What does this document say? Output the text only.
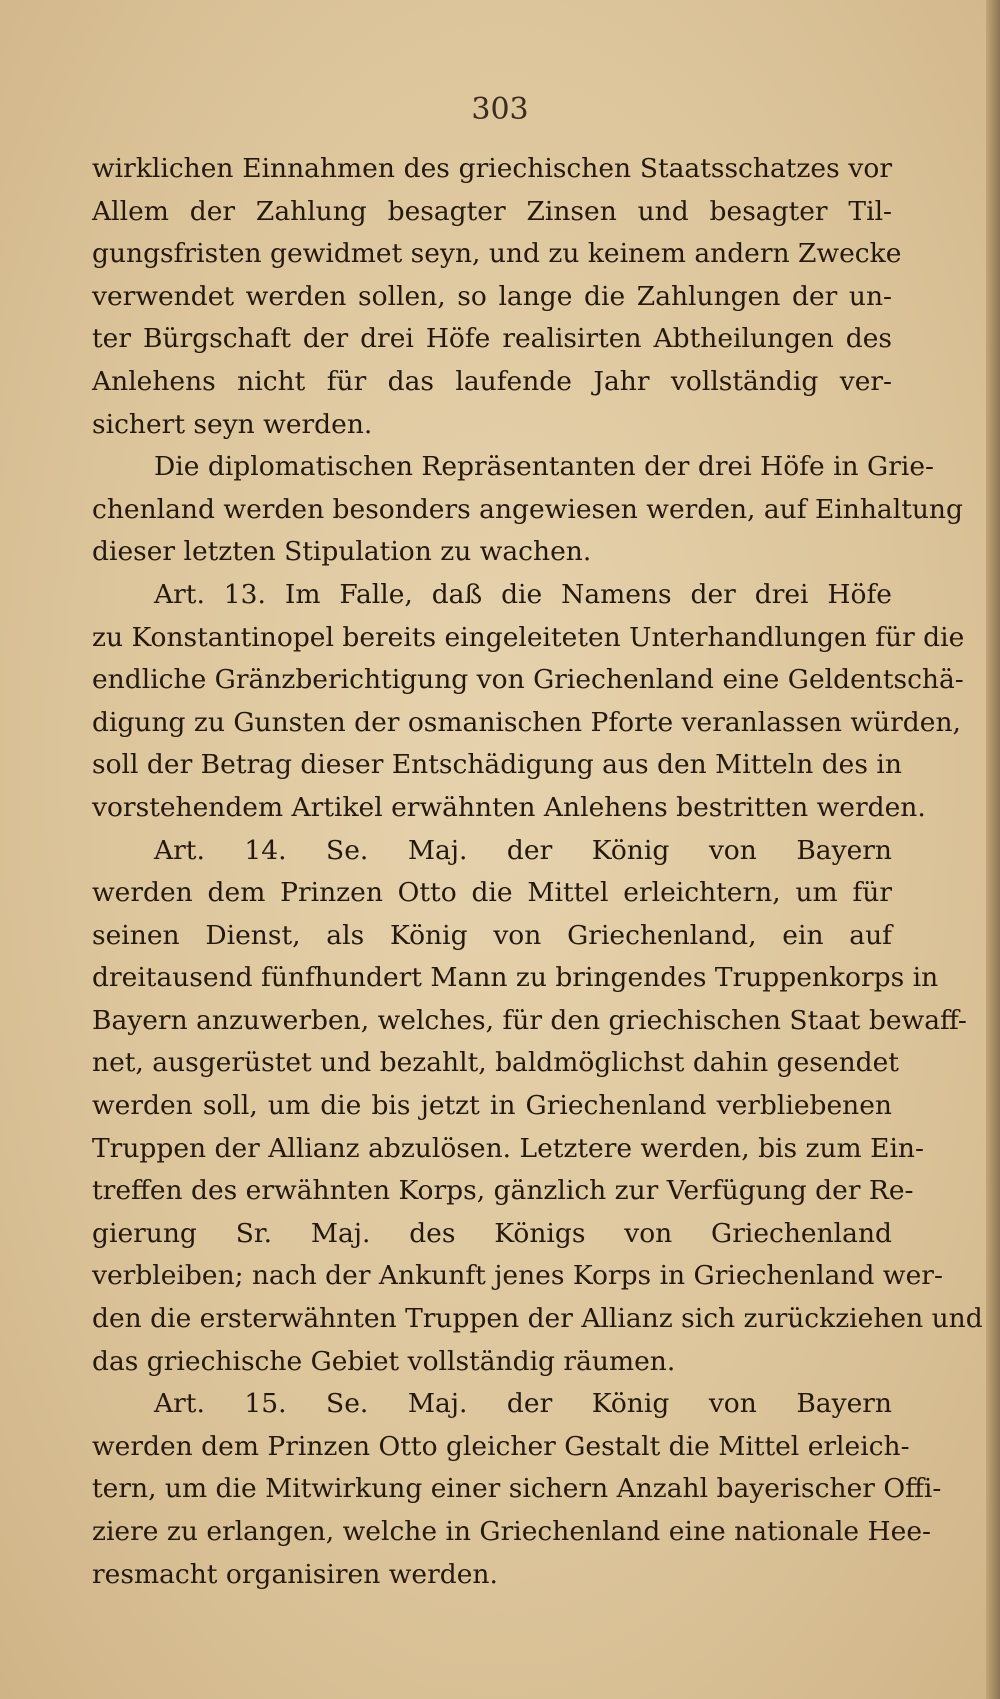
303
wirklichen Einnahmen des griechischen Staatsschatzes vor
Allem der Zahlung besagter Zinsen und besagter Til-
gungsfristen gewidmet seyn, und zu keinem andern Zwecke
verwendet werden sollen, so lange die Zahlungen der un-
ter Bürgschaft der drei Höfe realisirten Abtheilungen des
Anlehens nicht für das laufende Jahr vollständig ver-
sichert seyn werden.
Die diplomatischen Repräsentanten der drei Höfe in Grie-
chenland werden besonders angewiesen werden, auf Einhaltung
dieser letzten Stipulation zu wachen.
Art. 13. Im Falle, daß die Namens der drei Höfe
zu Konstantinopel bereits eingeleiteten Unterhandlungen für die
endliche Gränzberichtigung von Griechenland eine Geldentschä-
digung zu Gunsten der osmanischen Pforte veranlassen würden,
soll der Betrag dieser Entschädigung aus den Mitteln des in
vorstehendem Artikel erwähnten Anlehens bestritten werden.
Art. 14. Se. Maj. der König von Bayern
werden dem Prinzen Otto die Mittel erleichtern, um für
seinen Dienst, als König von Griechenland, ein auf
dreitausend fünfhundert Mann zu bringendes Truppenkorps in
Bayern anzuwerben, welches, für den griechischen Staat bewaff-
net, ausgerüstet und bezahlt, baldmöglichst dahin gesendet
werden soll, um die bis jetzt in Griechenland verbliebenen
Truppen der Allianz abzulösen. Letztere werden, bis zum Ein-
treffen des erwähnten Korps, gänzlich zur Verfügung der Re-
gierung Sr. Maj. des Königs von Griechenland
verbleiben; nach der Ankunft jenes Korps in Griechenland wer-
den die ersterwähnten Truppen der Allianz sich zurückziehen und
das griechische Gebiet vollständig räumen.
Art. 15. Se. Maj. der König von Bayern
werden dem Prinzen Otto gleicher Gestalt die Mittel erleich-
tern, um die Mitwirkung einer sichern Anzahl bayerischer Offi-
ziere zu erlangen, welche in Griechenland eine nationale Hee-
resmacht organisiren werden.
